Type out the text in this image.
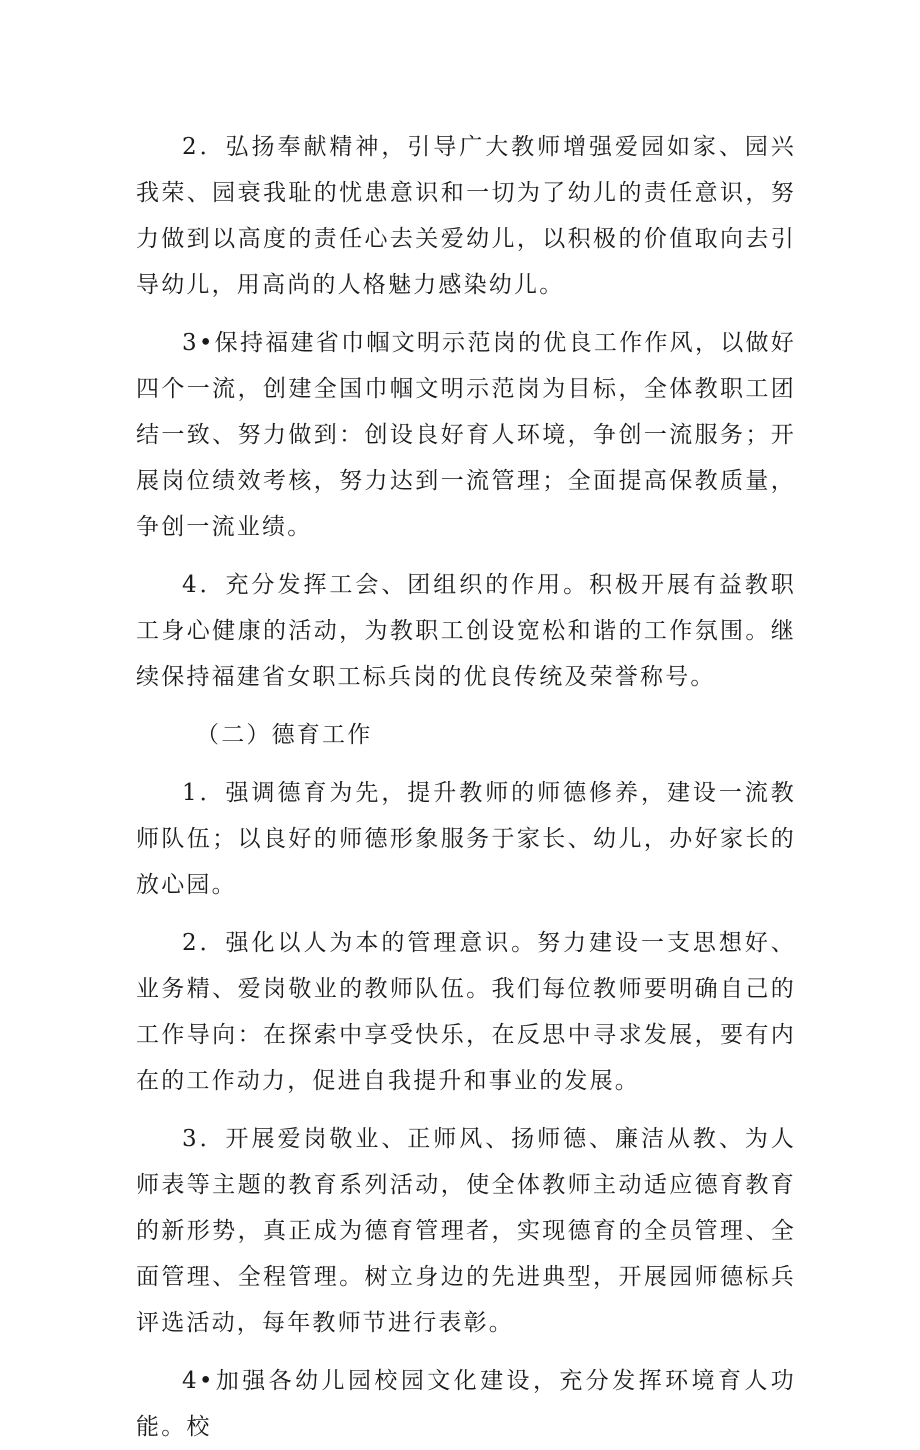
2．弘扬奉献精神，引导广大教师增强爱园如家、园兴我荣、园衰我耻的忧患意识和一切为了幼儿的责任意识，努力做到以高度的责任心去关爱幼儿，以积极的价值取向去引导幼儿，用高尚的人格魅力感染幼儿。

3•保持福建省巾帼文明示范岗的优良工作作风，以做好四个一流，创建全国巾帼文明示范岗为目标，全体教职工团结一致、努力做到：创设良好育人环境，争创一流服务；开展岗位绩效考核，努力达到一流管理；全面提高保教质量，争创一流业绩。

4．充分发挥工会、团组织的作用。积极开展有益教职工身心健康的活动，为教职工创设宽松和谐的工作氛围。继续保持福建省女职工标兵岗的优良传统及荣誉称号。

（二）德育工作

1．强调德育为先，提升教师的师德修养，建设一流教师队伍；以良好的师德形象服务于家长、幼儿，办好家长的放心园。

2．强化以人为本的管理意识。努力建设一支思想好、业务精、爱岗敬业的教师队伍。我们每位教师要明确自己的工作导向：在探索中享受快乐，在反思中寻求发展，要有内在的工作动力，促进自我提升和事业的发展。

3．开展爱岗敬业、正师风、扬师德、廉洁从教、为人师表等主题的教育系列活动，使全体教师主动适应德育教育的新形势，真正成为德育管理者，实现德育的全员管理、全面管理、全程管理。树立身边的先进典型，开展园师德标兵评选活动，每年教师节进行表彰。

4•加强各幼儿园校园文化建设，充分发挥环境育人功能。校
